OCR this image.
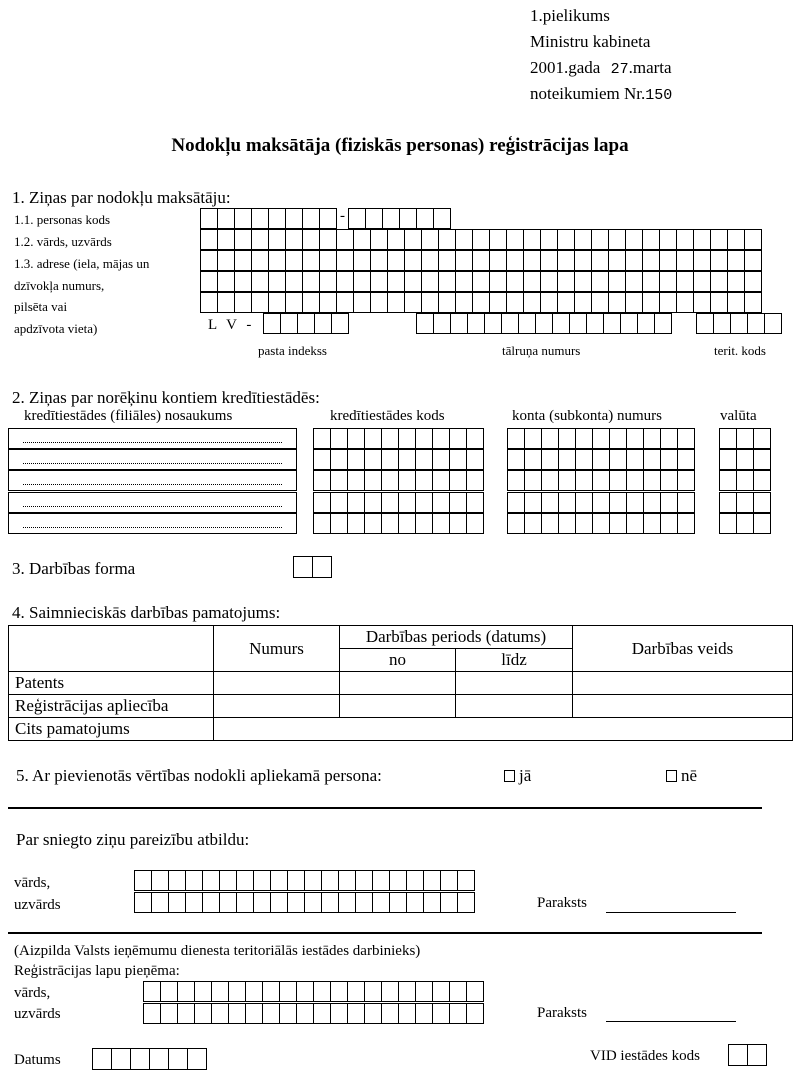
1.pielikums
Ministru kabineta
2001.gada 27.marta
noteikumiem Nr.150
Nodokļu maksātāja (fiziskās personas) reģistrācijas lapa
1. Ziņas par nodokļu maksātāju:
1.1. personas kods
1.2. vārds, uzvārds
1.3. adrese (iela, mājas un
dzīvokļa numurs,
pilsēta vai
apdzīvota vieta)
-
L V -
pasta indekss	tālruņa numurs	terit. kods
2. Ziņas par norēķinu kontiem kredītiestādēs:
kredītiestādes (filiāles) nosaukums	kredītiestādes kods	konta (subkonta) numurs	valūta
3. Darbības forma
4. Saimnieciskās darbības pamatojums:
	Numurs	Darbības periods (datums)		Darbības veids
		no	līdz	
Patents				
Reģistrācijas apliecība				
Cits pamatojums				
5. Ar pievienotās vērtības nodokli apliekamā persona:	jā	nē
Par sniegto ziņu pareizību atbildu:
vārds,
uzvārds	Paraksts
(Aizpilda Valsts ieņēmumu dienesta teritoriālās iestādes darbinieks)
Reģistrācijas lapu pieņēma:
vārds,
uzvārds	Paraksts
Datums	VID iestādes kods
